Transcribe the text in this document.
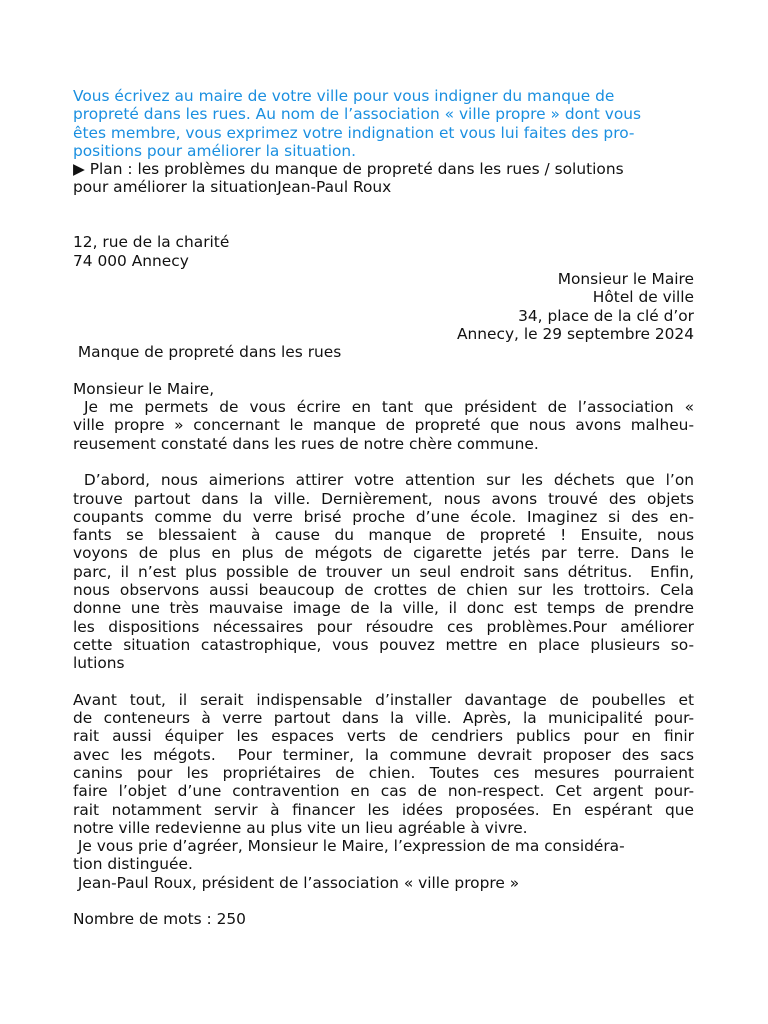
Vous écrivez au maire de votre ville pour vous indigner du manque de
propreté dans les rues. Au nom de l’association « ville propre » dont vous
êtes membre, vous exprimez votre indignation et vous lui faites des pro-
positions pour améliorer la situation.
▶ Plan : les problèmes du manque de propreté dans les rues / solutions
pour améliorer la situationJean-Paul Roux
12, rue de la charité
74 000 Annecy
Monsieur le Maire
Hôtel de ville
34, place de la clé d’or
Annecy, le 29 septembre 2024
Manque de propreté dans les rues
Monsieur le Maire,
Je me permets de vous écrire en tant que président de l’association «
ville propre » concernant le manque de propreté que nous avons malheu-
reusement constaté dans les rues de notre chère commune.
D’abord, nous aimerions attirer votre attention sur les déchets que l’on
trouve partout dans la ville. Dernièrement, nous avons trouvé des objets
coupants comme du verre brisé proche d’une école. Imaginez si des en-
fants se blessaient à cause du manque de propreté ! Ensuite, nous
voyons de plus en plus de mégots de cigarette jetés par terre. Dans le
parc, il n’est plus possible de trouver un seul endroit sans détritus.  Enfin,
nous observons aussi beaucoup de crottes de chien sur les trottoirs. Cela
donne une très mauvaise image de la ville, il donc est temps de prendre
les dispositions nécessaires pour résoudre ces problèmes.Pour améliorer
cette situation catastrophique, vous pouvez mettre en place plusieurs so-
lutions
Avant tout, il serait indispensable d’installer davantage de poubelles et
de conteneurs à verre partout dans la ville. Après, la municipalité pour-
rait aussi équiper les espaces verts de cendriers publics pour en finir
avec les mégots.  Pour terminer, la commune devrait proposer des sacs
canins pour les propriétaires de chien. Toutes ces mesures pourraient
faire l’objet d’une contravention en cas de non-respect. Cet argent pour-
rait notamment servir à financer les idées proposées. En espérant que
notre ville redevienne au plus vite un lieu agréable à vivre.
Je vous prie d’agréer, Monsieur le Maire, l’expression de ma considéra-
tion distinguée.
Jean-Paul Roux, président de l’association « ville propre »
Nombre de mots : 250
